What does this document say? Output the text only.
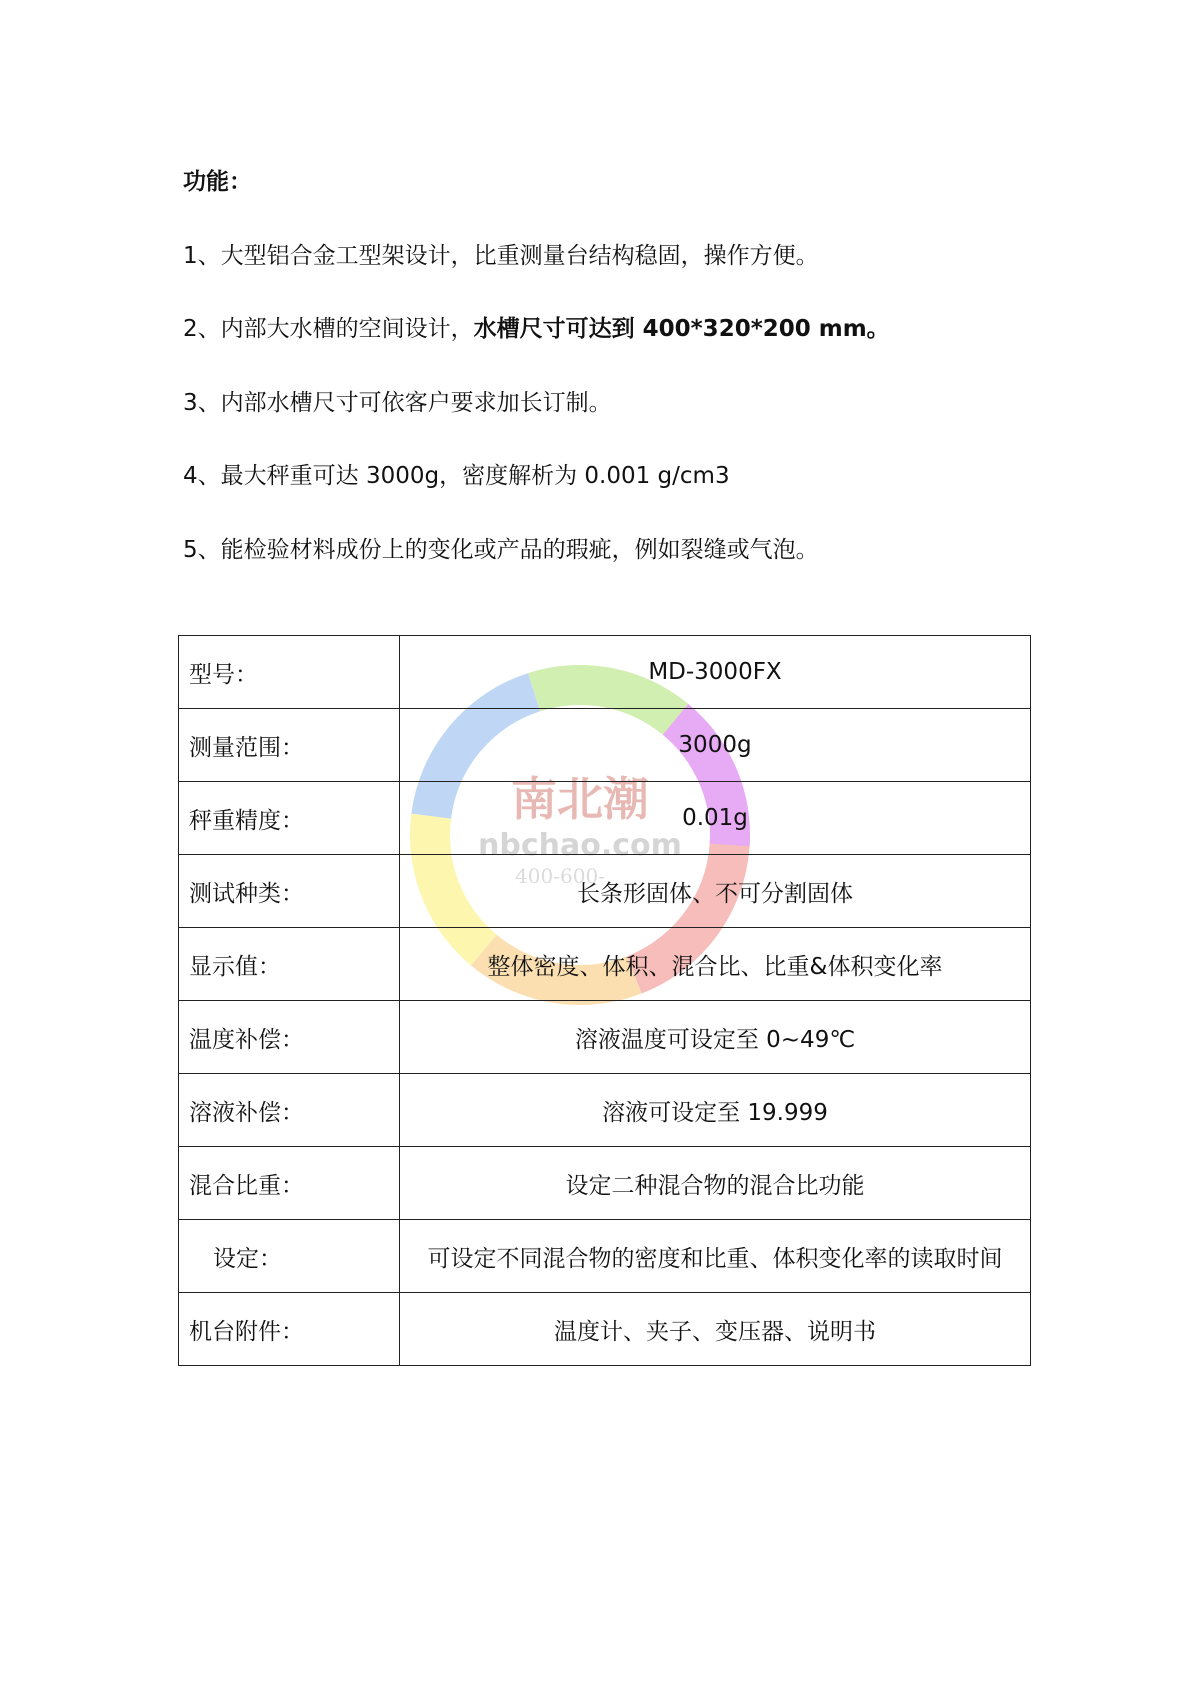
南北潮
nbchao.com
400-600-
功能：
1、大型铝合金工型架设计，比重测量台结构稳固，操作方便。
2、内部大水槽的空间设计，水槽尺寸可达到 400*320*200 mm。
3、内部水槽尺寸可依客户要求加长订制。
4、最大秤重可达 3000g，密度解析为 0.001 g/cm3
5、能检验材料成份上的变化或产品的瑕疵，例如裂缝或气泡。
型号：	MD-3000FX
测量范围：	3000g
秤重精度：	0.01g
测试种类：	长条形固体、不可分割固体
显示值：	整体密度、体积、混合比、比重&体积变化率
温度补偿：	溶液温度可设定至 0~49℃
溶液补偿：	溶液可设定至 19.999
混合比重：	设定二种混合物的混合比功能
设定：	可设定不同混合物的密度和比重、体积变化率的读取时间
机台附件：	温度计、夹子、变压器、说明书
